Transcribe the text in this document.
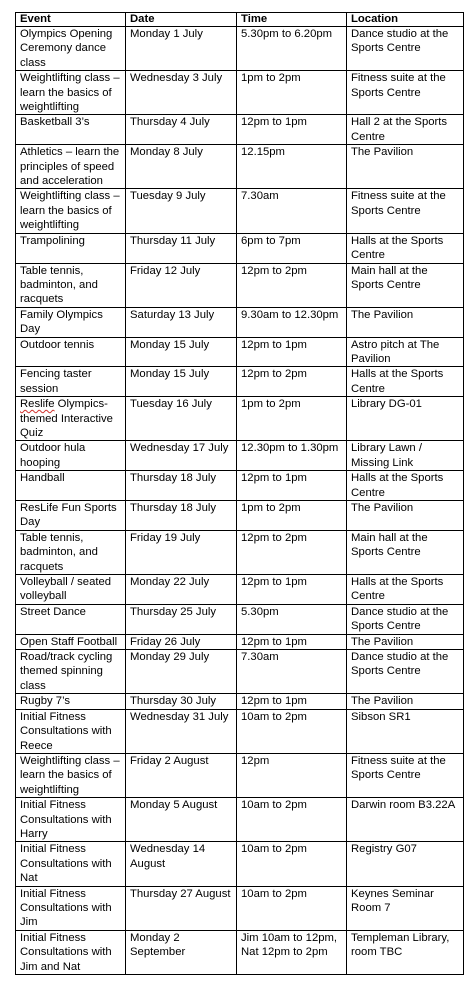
Event	Date	Time	Location
Olympics Opening Ceremony dance class	Monday 1 July	5.30pm to 6.20pm	Dance studio at the Sports Centre
Weightlifting class – learn the basics of weightlifting	Wednesday 3 July	1pm to 2pm	Fitness suite at the Sports Centre
Basketball 3’s	Thursday 4 July	12pm to 1pm	Hall 2 at the Sports Centre
Athletics – learn the principles of speed and acceleration	Monday 8 July	12.15pm	The Pavilion
Weightlifting class – learn the basics of weightlifting	Tuesday 9 July	7.30am	Fitness suite at the Sports Centre
Trampolining	Thursday 11 July	6pm to 7pm	Halls at the Sports Centre
Table tennis, badminton, and racquets	Friday 12 July	12pm to 2pm	Main hall at the Sports Centre
Family Olympics Day	Saturday 13 July	9.30am to 12.30pm	The Pavilion
Outdoor tennis	Monday 15 July	12pm to 1pm	Astro pitch at The Pavilion
Fencing taster session	Monday 15 July	12pm to 2pm	Halls at the Sports Centre
Reslife Olympics-themed Interactive Quiz	Tuesday 16 July	1pm to 2pm	Library DG-01
Outdoor hula hooping	Wednesday 17 July	12.30pm to 1.30pm	Library Lawn / Missing Link
Handball	Thursday 18 July	12pm to 1pm	Halls at the Sports Centre
ResLife Fun Sports Day	Thursday 18 July	1pm to 2pm	The Pavilion
Table tennis, badminton, and racquets	Friday 19 July	12pm to 2pm	Main hall at the Sports Centre
Volleyball / seated volleyball	Monday 22 July	12pm to 1pm	Halls at the Sports Centre
Street Dance	Thursday 25 July	5.30pm	Dance studio at the Sports Centre
Open Staff Football	Friday 26 July	12pm to 1pm	The Pavilion
Road/track cycling themed spinning class	Monday 29 July	7.30am	Dance studio at the Sports Centre
Rugby 7’s	Thursday 30 July	12pm to 1pm	The Pavilion
Initial Fitness Consultations with Reece	Wednesday 31 July	10am to 2pm	Sibson SR1
Weightlifting class – learn the basics of weightlifting	Friday 2 August	12pm	Fitness suite at the Sports Centre
Initial Fitness Consultations with Harry	Monday 5 August	10am to 2pm	Darwin room B3.22A
Initial Fitness Consultations with Nat	Wednesday 14 August	10am to 2pm	Registry G07
Initial Fitness Consultations with Jim	Thursday 27 August	10am to 2pm	Keynes Seminar Room 7
Initial Fitness Consultations with Jim and Nat	Monday 2 September	Jim 10am to 12pm, Nat 12pm to 2pm	Templeman Library, room TBC
